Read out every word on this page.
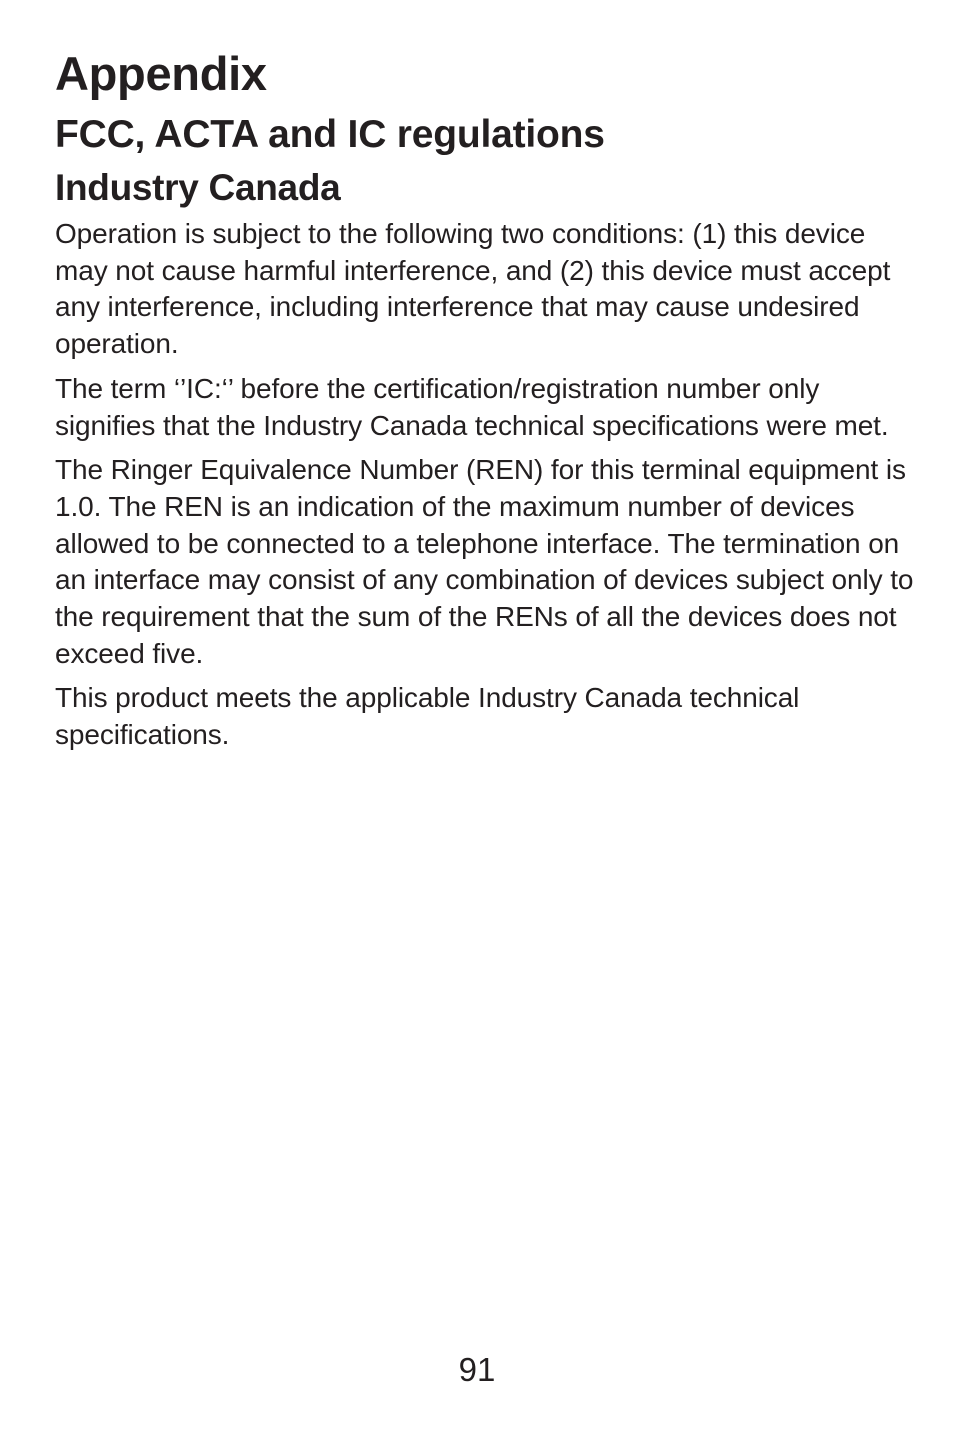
Appendix
FCC, ACTA and IC regulations
Industry Canada

Operation is subject to the following two conditions: (1) this device may not cause harmful interference, and (2) this device must accept any interference, including interference that may cause undesired operation.

The term ‘’IC:‘’ before the certification/registration number only signifies that the Industry Canada technical specifications were met.

The Ringer Equivalence Number (REN) for this terminal equipment is 1.0. The REN is an indication of the maximum number of devices allowed to be connected to a telephone interface. The termination on an interface may consist of any combination of devices subject only to the requirement that the sum of the RENs of all the devices does not exceed five.

This product meets the applicable Industry Canada technical specifications.

91
